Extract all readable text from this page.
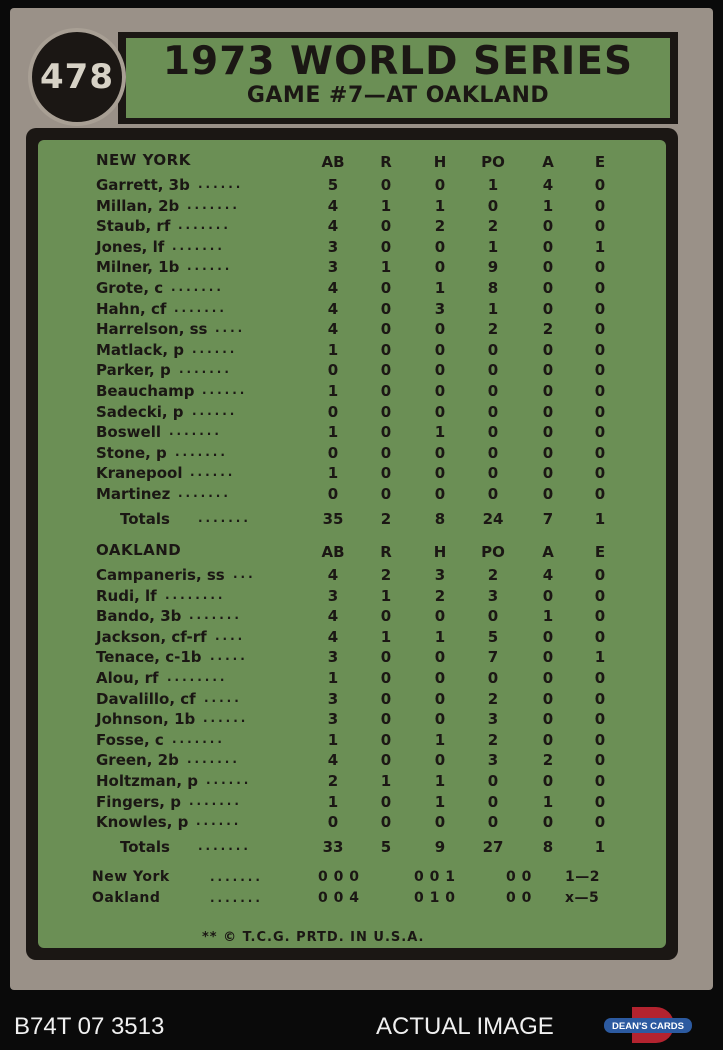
1973 WORLD SERIES
GAME #7—AT OAKLAND
478
NEW YORK	AB	R	H	PO	A	E
Garrett, 3b ......	5	0	0	1	4	0
Millan, 2b .......	4	1	1	0	1	0
Staub, rf .......	4	0	2	2	0	0
Jones, lf .......	3	0	0	1	0	1
Milner, 1b ......	3	1	0	9	0	0
Grote, c .......	4	0	1	8	0	0
Hahn, cf .......	4	0	3	1	0	0
Harrelson, ss ....	4	0	0	2	2	0
Matlack, p ......	1	0	0	0	0	0
Parker, p .......	0	0	0	0	0	0
Beauchamp ......	1	0	0	0	0	0
Sadecki, p ......	0	0	0	0	0	0
Boswell .......	1	0	1	0	0	0
Stone, p .......	0	0	0	0	0	0
Kranepool ......	1	0	0	0	0	0
Martinez .......	0	0	0	0	0	0
Totals .......	35	2	8	24	7	1
OAKLAND	AB	R	H	PO	A	E
Campaneris, ss ...	4	2	3	2	4	0
Rudi, lf ........	3	1	2	3	0	0
Bando, 3b .......	4	0	0	0	1	0
Jackson, cf-rf ....	4	1	1	5	0	0
Tenace, c-1b .....	3	0	0	7	0	1
Alou, rf ........	1	0	0	0	0	0
Davalillo, cf .....	3	0	0	2	0	0
Johnson, 1b ......	3	0	0	3	0	0
Fosse, c .......	1	0	1	2	0	0
Green, 2b .......	4	0	0	3	2	0
Holtzman, p ......	2	1	1	0	0	0
Fingers, p .......	1	0	1	0	1	0
Knowles, p ......	0	0	0	0	0	0
Totals .......	33	5	9	27	8	1
New York	.......	0 0 0	0 0 1	0 0 1—2
Oakland	.......	0 0 4	0 1 0	0 0 x—5
** © T.C.G. PRTD. IN U.S.A.
B74T 07 3513	ACTUAL IMAGE	DEAN'S CARDS
